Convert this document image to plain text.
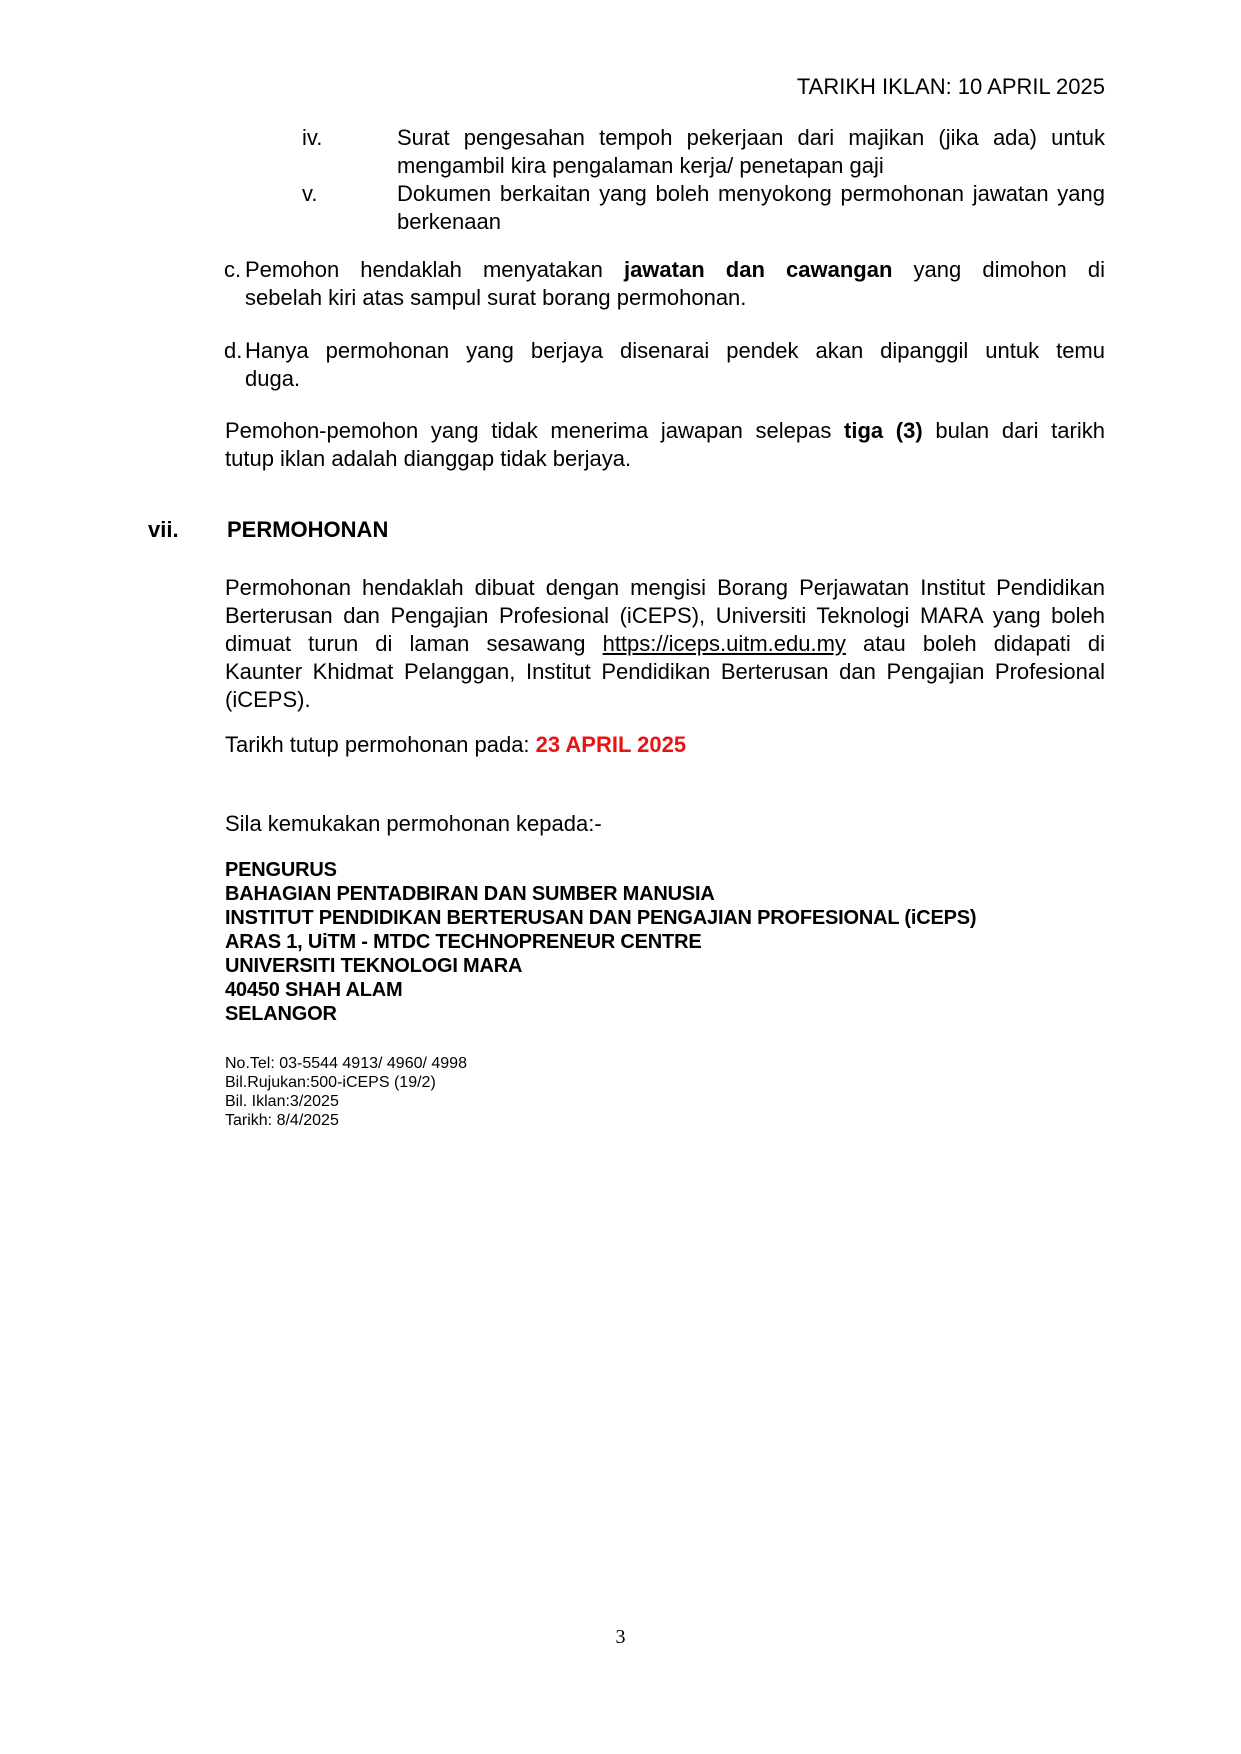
TARIKH IKLAN: 10 APRIL 2025
iv.	Surat pengesahan tempoh pekerjaan dari majikan (jika ada) untuk
mengambil kira pengalaman kerja/ penetapan gaji
v.	Dokumen berkaitan yang boleh menyokong permohonan jawatan yang
berkenaan
c. Pemohon hendaklah menyatakan jawatan dan cawangan yang dimohon di
sebelah kiri atas sampul surat borang permohonan.
d. Hanya permohonan yang berjaya disenarai pendek akan dipanggil untuk temu
duga.
Pemohon-pemohon yang tidak menerima jawapan selepas tiga (3) bulan dari tarikh
tutup iklan adalah dianggap tidak berjaya.
vii. PERMOHONAN
Permohonan hendaklah dibuat dengan mengisi Borang Perjawatan Institut Pendidikan
Berterusan dan Pengajian Profesional (iCEPS), Universiti Teknologi MARA yang boleh
dimuat turun di laman sesawang https://iceps.uitm.edu.my atau boleh didapati di
Kaunter Khidmat Pelanggan, Institut Pendidikan Berterusan dan Pengajian Profesional
(iCEPS).
Tarikh tutup permohonan pada: 23 APRIL 2025
Sila kemukakan permohonan kepada:-
PENGURUS
BAHAGIAN PENTADBIRAN DAN SUMBER MANUSIA
INSTITUT PENDIDIKAN BERTERUSAN DAN PENGAJIAN PROFESIONAL (iCEPS)
ARAS 1, UiTM - MTDC TECHNOPRENEUR CENTRE
UNIVERSITI TEKNOLOGI MARA
40450 SHAH ALAM
SELANGOR
No.Tel: 03-5544 4913/ 4960/ 4998
Bil.Rujukan:500-iCEPS (19/2)
Bil. Iklan:3/2025
Tarikh: 8/4/2025
3
